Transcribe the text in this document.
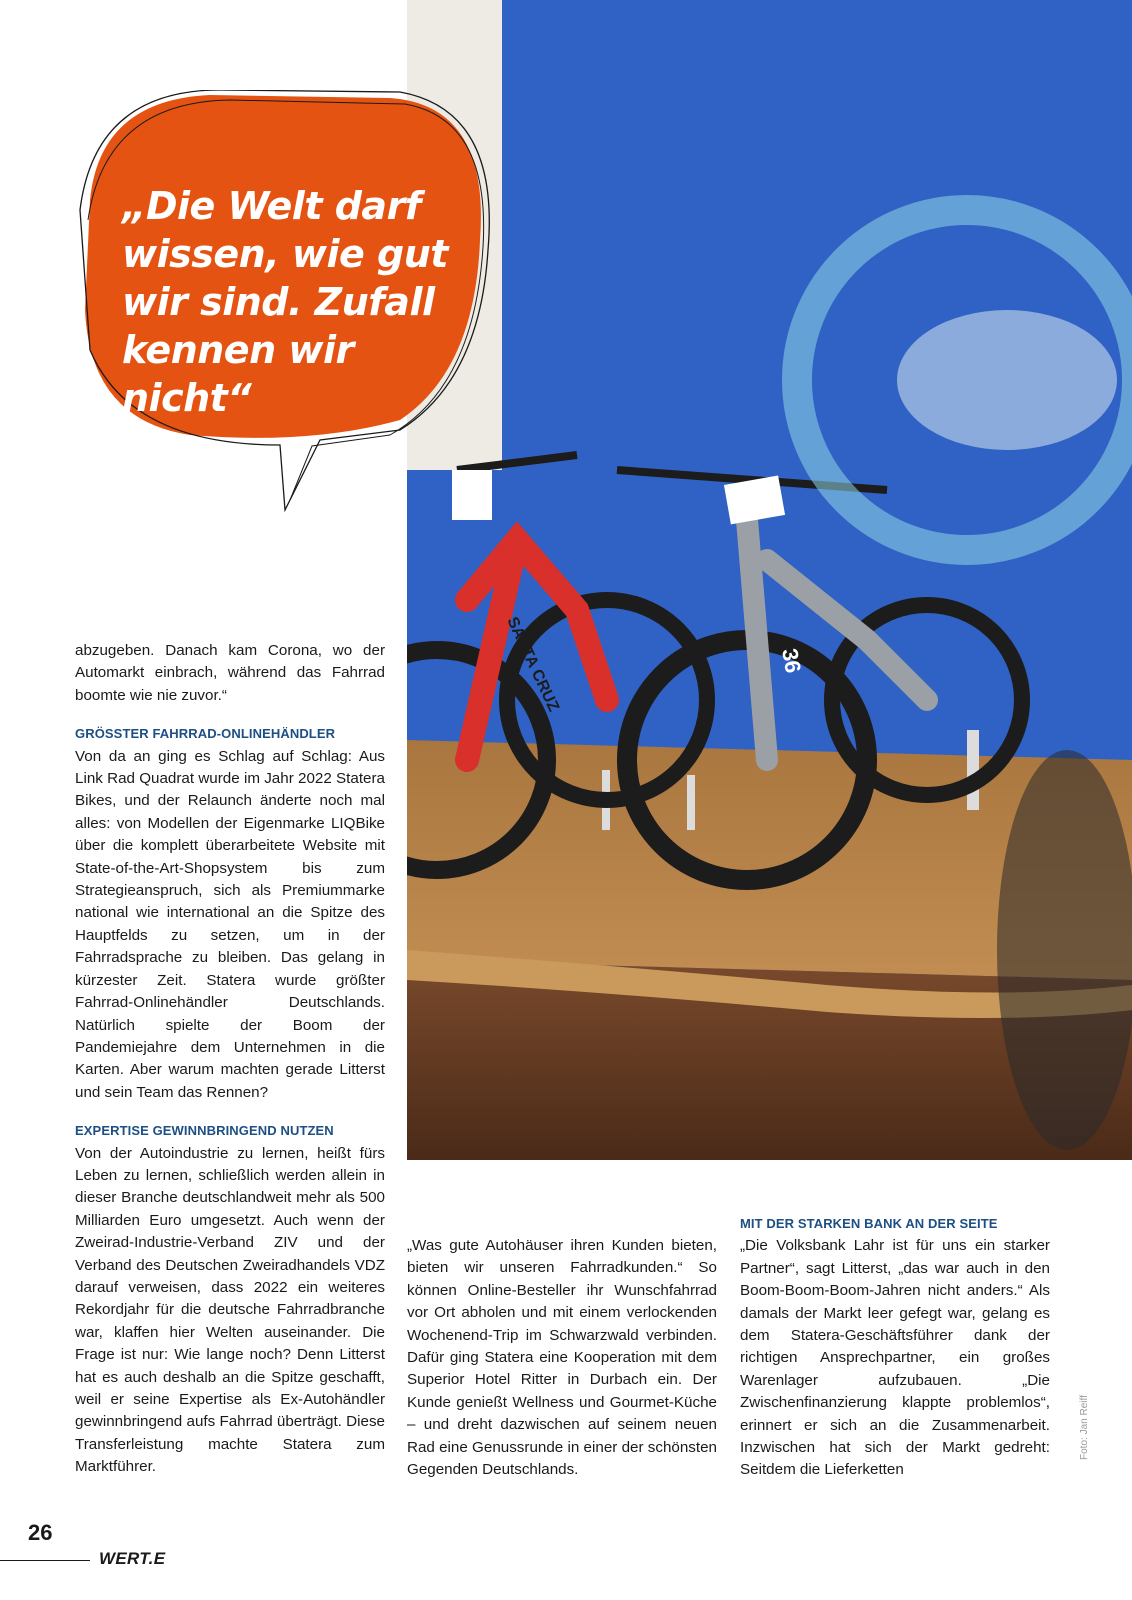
SANTA CRUZ	36
„Die Welt darf
wissen, wie gut
wir sind. Zufall
kennen wir nicht“

abzugeben. Danach kam Corona, wo der Automarkt einbrach, während das Fahrrad boomte wie nie zuvor.“

GRÖSSTER FAHRRAD-ONLINEHÄNDLER

Von da an ging es Schlag auf Schlag: Aus Link Rad Quadrat wurde im Jahr 2022 Statera Bikes, und der Relaunch änderte noch mal alles: von Modellen der Eigenmarke LIQBike über die komplett überarbeitete Website mit State-of-the-Art-Shopsystem bis zum Strategieanspruch, sich als Premiummarke national wie international an die Spitze des Hauptfelds zu setzen, um in der Fahrradsprache zu bleiben. Das gelang in kürzester Zeit. Statera wurde größter Fahrrad-Onlinehändler Deutschlands. Natürlich spielte der Boom der Pandemiejahre dem Unternehmen in die Karten. Aber warum machten gerade Litterst und sein Team das Rennen?

EXPERTISE GEWINNBRINGEND NUTZEN

Von der Autoindustrie zu lernen, heißt fürs Leben zu lernen, schließlich werden allein in dieser Branche deutschlandweit mehr als 500 Milliarden Euro umgesetzt. Auch wenn der Zweirad-Industrie-Verband ZIV und der Verband des Deutschen Zweiradhandels VDZ darauf verweisen, dass 2022 ein weiteres Rekordjahr für die deutsche Fahrradbranche war, klaffen hier Welten auseinander. Die Frage ist nur: Wie lange noch? Denn Litterst hat es auch deshalb an die Spitze geschafft, weil er seine Expertise als Ex-Autohändler gewinnbringend aufs Fahrrad überträgt. Diese Transferleistung machte Statera zum Marktführer.

„Was gute Autohäuser ihren Kunden bieten, bieten wir unseren Fahrradkunden.“ So können Online-Besteller ihr Wunschfahrrad vor Ort abholen und mit einem verlockenden Wochenend-Trip im Schwarzwald verbinden. Dafür ging Statera eine Kooperation mit dem Superior Hotel Ritter in Durbach ein. Der Kunde genießt Wellness und Gourmet-Küche – und dreht dazwischen auf seinem neuen Rad eine Genussrunde in einer der schönsten Gegenden Deutschlands.

MIT DER STARKEN BANK AN DER SEITE

„Die Volksbank Lahr ist für uns ein starker Partner“, sagt Litterst, „das war auch in den Boom-Boom-Boom-Jahren nicht anders.“ Als damals der Markt leer gefegt war, gelang es dem Statera-Geschäftsführer dank der richtigen Ansprechpartner, ein großes Warenlager aufzubauen. „Die Zwischenfinanzierung klappte problemlos“, erinnert er sich an die Zusammenarbeit. Inzwischen hat sich der Markt gedreht: Seitdem die Lieferketten

Foto: Jan Reiff
26
WERT.E
